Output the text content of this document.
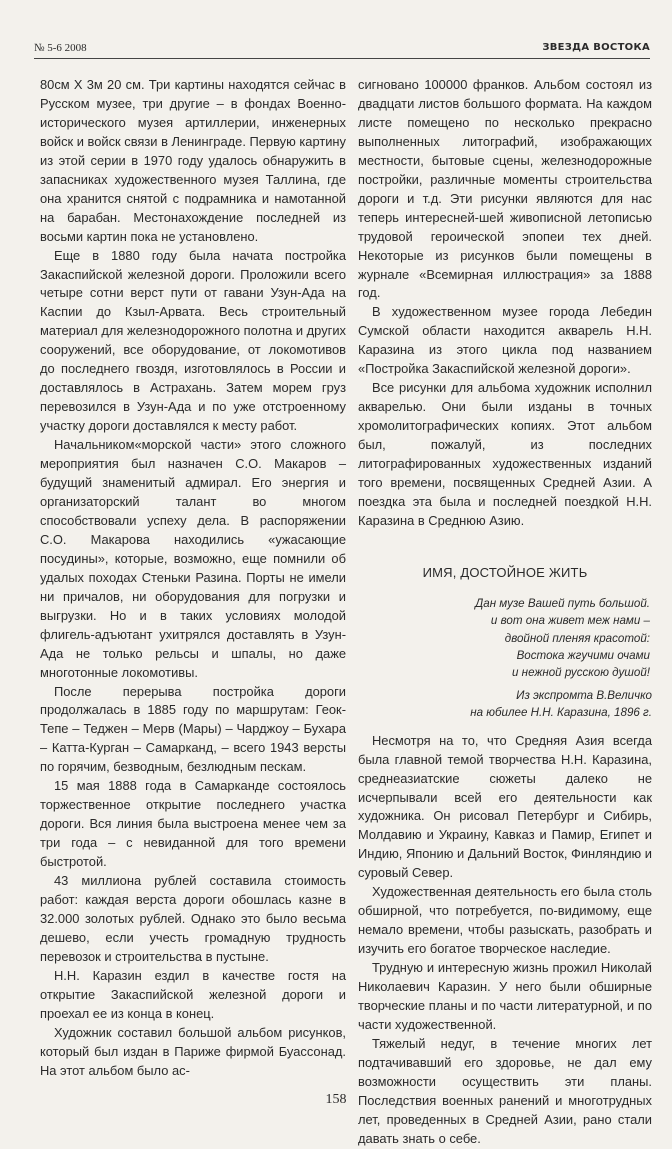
№ 5-6 2008	ЗВЕЗДА ВОСТОКА

80см Х 3м 20 см. Три картины находятся сейчас в Русском музее, три другие – в фондах Военно-исторического музея артиллерии, инженерных войск и войск связи в Ленинграде. Первую картину из этой серии в 1970 году удалось обнаружить в запасниках художественного музея Таллина, где она хранится снятой с подрамника и намотанной на барабан. Местонахождение последней из восьми картин пока не установлено.

Еще в 1880 году была начата постройка Закаспийской железной дороги. Проложили всего четыре сотни верст пути от гавани Узун-Ада на Каспии до Кзыл-Арвата. Весь строительный материал для железнодорожного полотна и других сооружений, все оборудование, от локомотивов до последнего гвоздя, изготовлялось в России и доставлялось в Астрахань. Затем морем груз перевозился в Узун-Ада и по уже отстроенному участку дороги доставлялся к месту работ.

Начальником«морской части» этого сложного мероприятия был назначен С.О. Макаров – будущий знаменитый адмирал. Его энергия и организаторский талант во многом способствовали успеху дела. В распоряжении С.О. Макарова находились «ужасающие посудины», которые, возможно, еще помнили об удалых походах Стеньки Разина. Порты не имели ни причалов, ни оборудования для погрузки и выгрузки. Но и в таких условиях молодой флигель-адъютант ухитрялся доставлять в Узун-Ада не только рельсы и шпалы, но даже многотонные локомотивы.

После перерыва постройка дороги продолжалась в 1885 году по маршрутам: Геок-Тепе – Теджен – Мерв (Мары) – Чарджоу – Бухара – Катта-Курган – Самарканд, – всего 1943 версты по горячим, безводным, безлюдным пескам.

15 мая 1888 года в Самарканде состоялось торжественное открытие последнего участка дороги. Вся линия была выстроена менее чем за три года – с невиданной для того времени быстротой.

43 миллиона рублей составила стоимость работ: каждая верста дороги обошлась казне в 32.000 золотых рублей. Однако это было весьма дешево, если учесть громадную трудность перевозок и строительства в пустыне.

Н.Н. Каразин ездил в качестве гостя на открытие Закаспийской железной дороги и проехал ее из конца в конец.

Художник составил большой альбом рисунков, который был издан в Париже фирмой Буассонад. На этот альбом было ас-

сигновано 100000 франков. Альбом состоял из двадцати листов большого формата. На каждом листе помещено по несколько прекрасно выполненных литографий, изображающих местности, бытовые сцены, железнодорожные постройки, различные моменты строительства дороги и т.д. Эти рисунки являются для нас теперь интересней-шей живописной летописью трудовой героической эпопеи тех дней. Некоторые из рисунков были помещены в журнале «Всемирная иллюстрация» за 1888 год.

В художественном музее города Лебедин Сумской области находится акварель Н.Н. Каразина из этого цикла под названием «Постройка Закаспийской железной дороги».

Все рисунки для альбома художник исполнил акварелью. Они были изданы в точных хромолитографических копиях. Этот альбом был, пожалуй, из последних литографированных художественных изданий того времени, посвященных Средней Азии. А поездка эта была и последней поездкой Н.Н. Каразина в Среднюю Азию.

ИМЯ, ДОСТОЙНОЕ ЖИТЬ
Дан музе Вашей путь большой.
и вот она живет меж нами –
двойной пленяя красотой:
Востока жгучими очами
и нежной русскою душой!
Из экспромта В.Величко
на юбилее Н.Н. Каразина, 1896 г.

Несмотря на то, что Средняя Азия всегда была главной темой творчества Н.Н. Каразина, среднеазиатские сюжеты далеко не исчерпывали всей его деятельности как художника. Он рисовал Петербург и Сибирь, Молдавию и Украину, Кавказ и Памир, Египет и Индию, Японию и Дальний Восток, Финляндию и суровый Север.

Художественная деятельность его была столь обширной, что потребуется, по-видимому, еще немало времени, чтобы разыскать, разобрать и изучить его богатое творческое наследие.

Трудную и интересную жизнь прожил Николай Николаевич Каразин. У него были обширные творческие планы и по части литературной, и по части художественной.

Тяжелый недуг, в течение многих лет подтачивавший его здоровье, не дал ему возможности осуществить эти планы. Последствия военных ранений и многотрудных лет, проведенных в Средней Азии, рано стали давать знать о себе.

158
